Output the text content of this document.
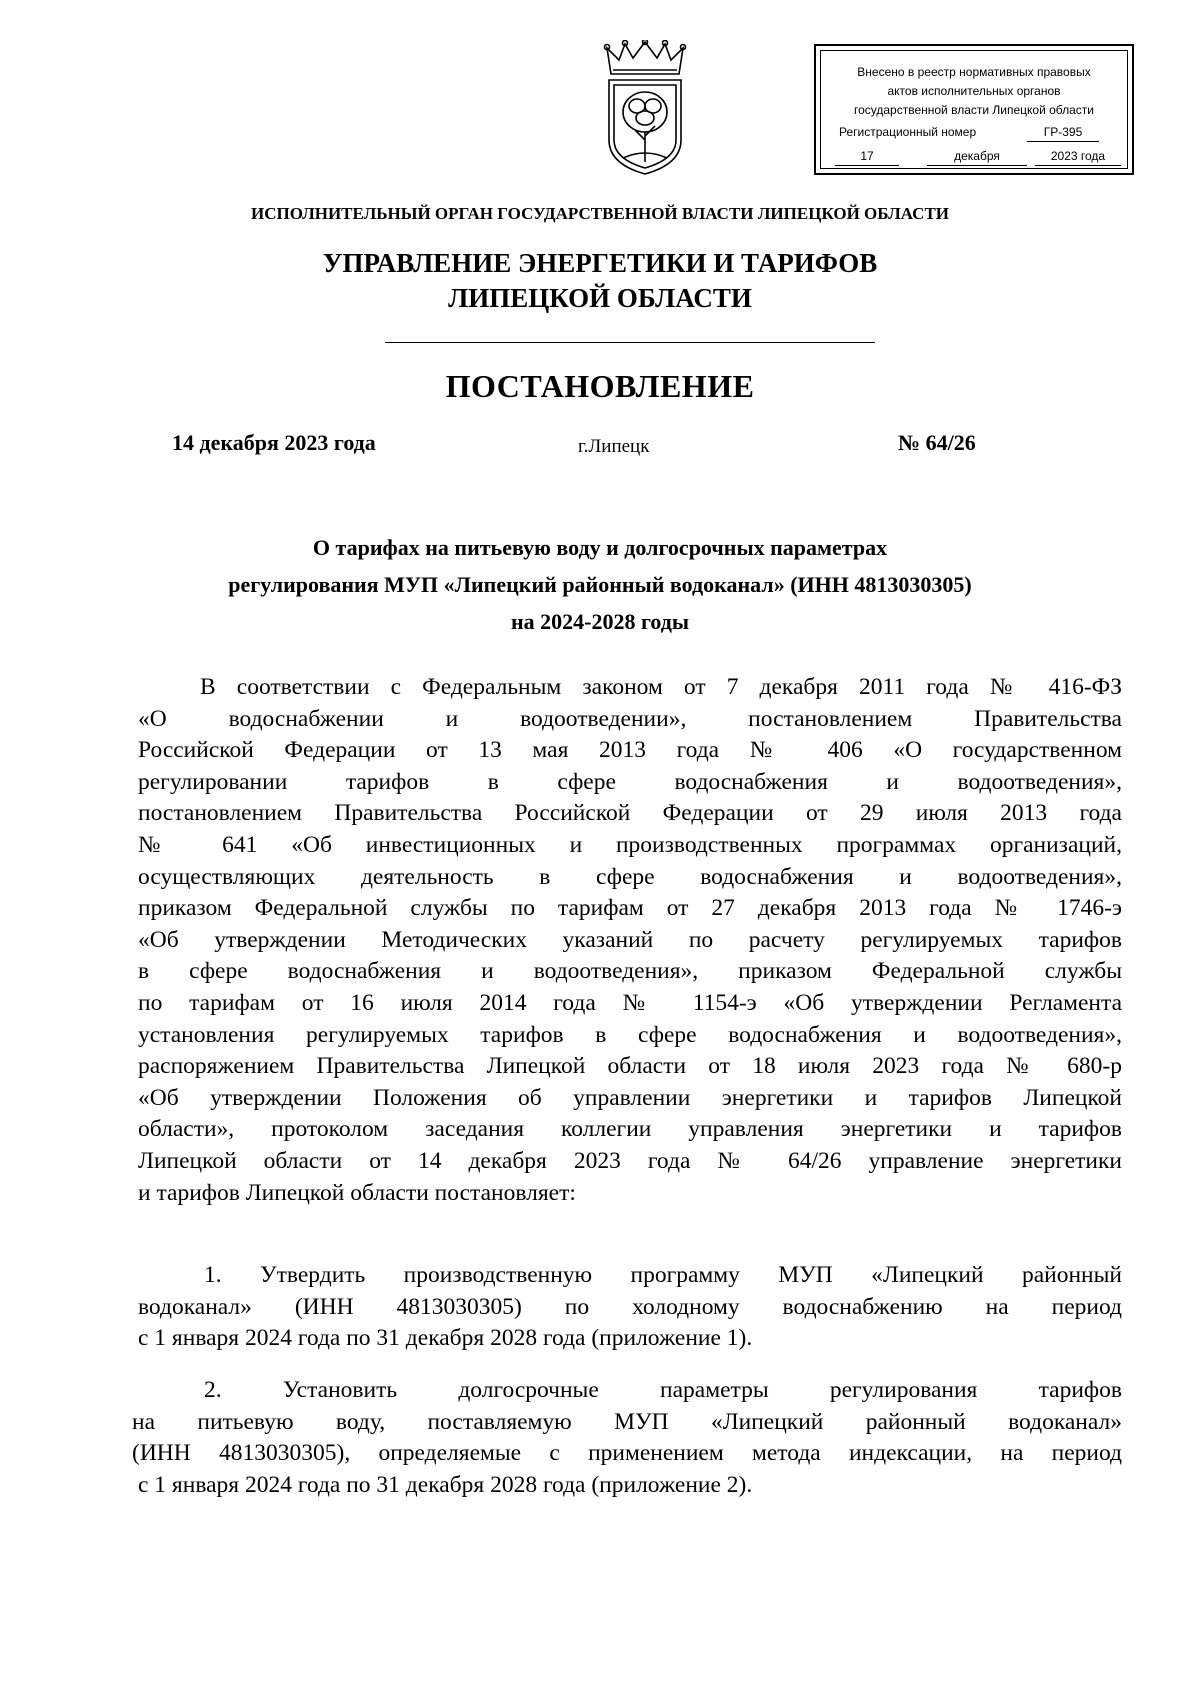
Внесено в реестр нормативных правовых
актов исполнительных органов
государственной власти Липецкой области
Регистрационный номер	ГР-395
17	декабря	2023 года
ИСПОЛНИТЕЛЬНЫЙ ОРГАН ГОСУДАРСТВЕННОЙ ВЛАСТИ ЛИПЕЦКОЙ ОБЛАСТИ
УПРАВЛЕНИЕ ЭНЕРГЕТИКИ И ТАРИФОВ
ЛИПЕЦКОЙ ОБЛАСТИ
ПОСТАНОВЛЕНИЕ
14 декабря 2023 года	г.Липецк	№ 64/26
О тарифах на питьевую воду и долгосрочных параметрах
регулирования МУП «Липецкий районный водоканал» (ИНН 4813030305)
на 2024-2028 годы
В соответствии с Федеральным законом от 7 декабря 2011 года № 416-ФЗ
«О водоснабжении и водоотведении», постановлением Правительства
Российской Федерации от 13 мая 2013 года № 406 «О государственном
регулировании тарифов в сфере водоснабжения и водоотведения»,
постановлением Правительства Российской Федерации от 29 июля 2013 года
№ 641 «Об инвестиционных и производственных программах организаций,
осуществляющих деятельность в сфере водоснабжения и водоотведения»,
приказом Федеральной службы по тарифам от 27 декабря 2013 года № 1746-э
«Об утверждении Методических указаний по расчету регулируемых тарифов
в сфере водоснабжения и водоотведения», приказом Федеральной службы
по тарифам от 16 июля 2014 года № 1154-э «Об утверждении Регламента
установления регулируемых тарифов в сфере водоснабжения и водоотведения»,
распоряжением Правительства Липецкой области от 18 июля 2023 года № 680-р
«Об утверждении Положения об управлении энергетики и тарифов Липецкой
области», протоколом заседания коллегии управления энергетики и тарифов
Липецкой области от 14 декабря 2023 года № 64/26 управление энергетики
и тарифов Липецкой области постановляет:
1. Утвердить производственную программу МУП «Липецкий районный
водоканал» (ИНН 4813030305) по холодному водоснабжению на период
с 1 января 2024 года по 31 декабря 2028 года (приложение 1).
2. Установить долгосрочные параметры регулирования тарифов
на питьевую воду, поставляемую МУП «Липецкий районный водоканал»
(ИНН 4813030305), определяемые с применением метода индексации, на период
с 1 января 2024 года по 31 декабря 2028 года (приложение 2).
